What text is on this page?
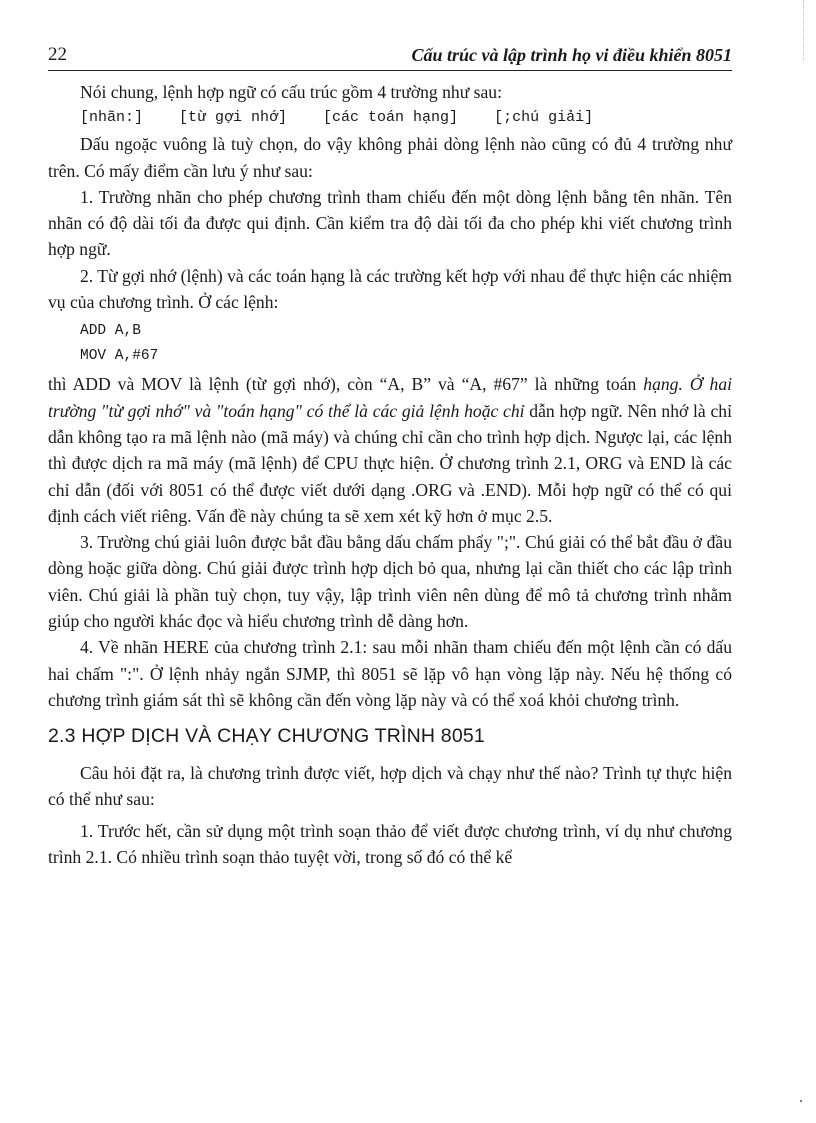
22	Cấu trúc và lập trình họ vi điều khiển 8051

Nói chung, lệnh hợp ngữ có cấu trúc gồm 4 trường như sau:

[nhãn:]    [từ gợi nhớ]    [các toán hạng]    [;chú giải]

Dấu ngoặc vuông là tuỳ chọn, do vậy không phải dòng lệnh nào cũng có đủ 4 trường như trên. Có mấy điểm cần lưu ý như sau:

1. Trường nhãn cho phép chương trình tham chiếu đến một dòng lệnh bằng tên nhãn. Tên nhãn có độ dài tối đa được qui định. Cần kiểm tra độ dài tối đa cho phép khi viết chương trình hợp ngữ.

2. Từ gợi nhớ (lệnh) và các toán hạng là các trường kết hợp với nhau để thực hiện các nhiệm vụ của chương trình. Ở các lệnh:

ADD A,B
MOV A,#67

thì ADD và MOV là lệnh (từ gợi nhớ), còn “A, B” và “A, #67” là những toán hạng. Ở hai trường "từ gợi nhớ" và "toán hạng" có thể là các giả lệnh hoặc chỉ dẫn hợp ngữ. Nên nhớ là chỉ dẫn không tạo ra mã lệnh nào (mã máy) và chúng chỉ cần cho trình hợp dịch. Ngược lại, các lệnh thì được dịch ra mã máy (mã lệnh) để CPU thực hiện. Ở chương trình 2.1, ORG và END là các chỉ dẫn (đối với 8051 có thể được viết dưới dạng .ORG và .END). Mỗi hợp ngữ có thể có qui định cách viết riêng. Vấn đề này chúng ta sẽ xem xét kỹ hơn ở mục 2.5.

3. Trường chú giải luôn được bắt đầu bằng dấu chấm phẩy ";". Chú giải có thể bắt đầu ở đầu dòng hoặc giữa dòng. Chú giải được trình hợp dịch bỏ qua, nhưng lại cần thiết cho các lập trình viên. Chú giải là phần tuỳ chọn, tuy vậy, lập trình viên nên dùng để mô tả chương trình nhằm giúp cho người khác đọc và hiểu chương trình dễ dàng hơn.

4. Về nhãn HERE của chương trình 2.1: sau mỗi nhãn tham chiếu đến một lệnh cần có dấu hai chấm ":". Ở lệnh nhảy ngắn SJMP, thì 8051 sẽ lặp vô hạn vòng lặp này. Nếu hệ thống có chương trình giám sát thì sẽ không cần đến vòng lặp này và có thể xoá khỏi chương trình.

2.3 HỢP DỊCH VÀ CHẠY CHƯƠNG TRÌNH 8051

Câu hỏi đặt ra, là chương trình được viết, hợp dịch và chạy như thế nào? Trình tự thực hiện có thể như sau:

1. Trước hết, cần sử dụng một trình soạn thảo để viết được chương trình, ví dụ như chương trình 2.1. Có nhiều trình soạn thảo tuyệt vời, trong số đó có thể kể
